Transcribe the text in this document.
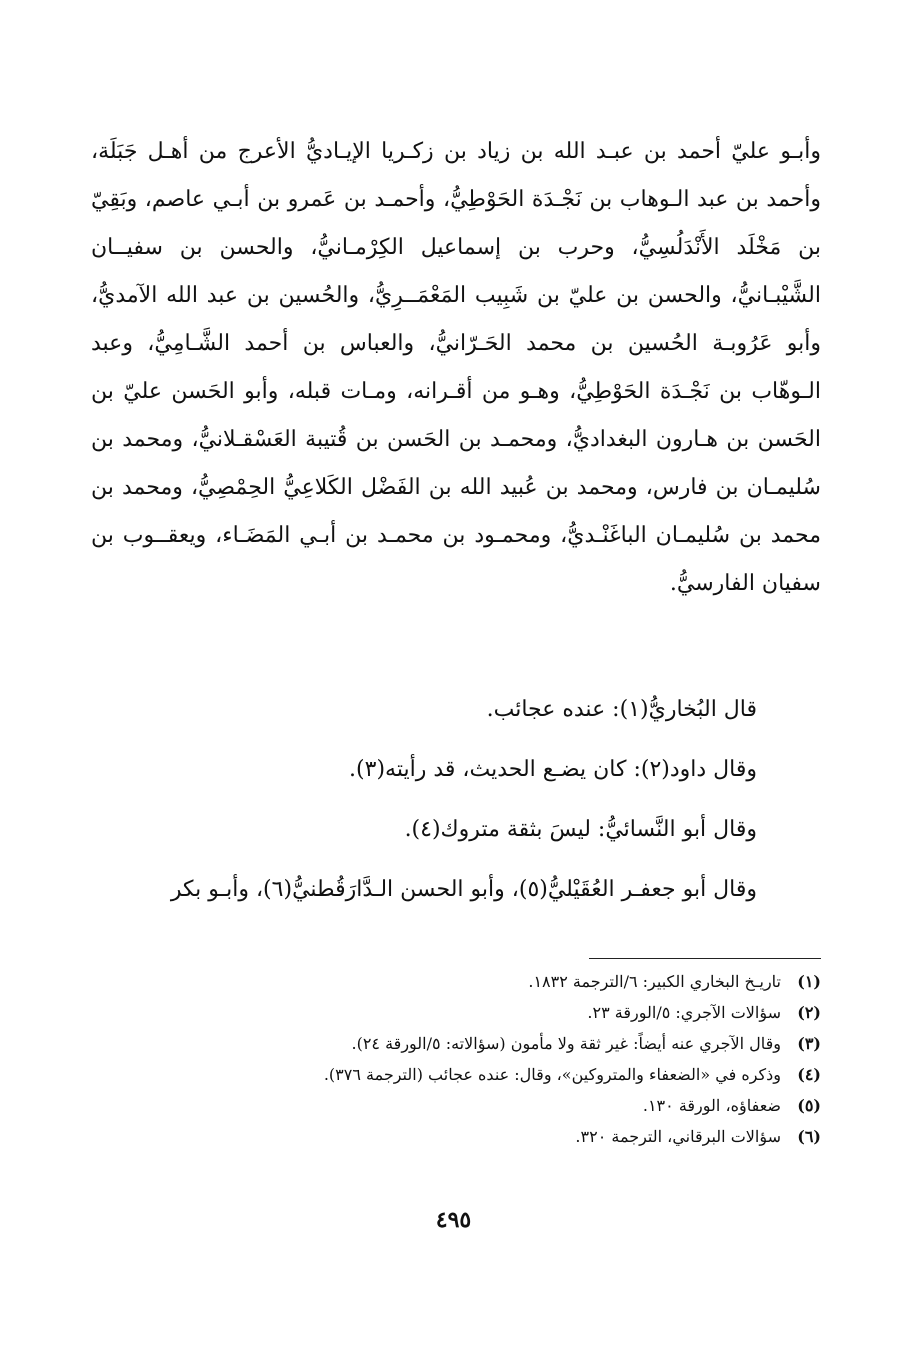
وأبـو عليّ أحمد بن عبـد الله بن زياد بن زكـريا الإيـاديُّ الأعرج من أهـل جَبَلَة، وأحمد بن عبد الـوهاب بن نَجْـدَة الحَوْطِيُّ، وأحمـد بن عَمرو بن أبـي عاصم، وبَقِيّ بن مَخْلَد الأَنْدَلُسِيُّ، وحرب بن إسماعيل الكِرْمـانيُّ، والحسن بن سفيــان الشَّيْبـانيُّ، والحسن بن عليّ بن شَبِيب المَعْمَــرِيُّ، والحُسين بن عبد الله الآمديُّ، وأبو عَرُوبـة الحُسين بن محمد الحَـرّانيُّ، والعباس بن أحمد الشَّـامِيُّ، وعبد الـوهّاب بن نَجْـدَة الحَوْطِيُّ، وهـو من أقـرانه، ومـات قبله، وأبو الحَسن عليّ بن الحَسن بن هـارون البغداديُّ، ومحمـد بن الحَسن بن قُتيبة العَسْقـلانيُّ، ومحمد بن سُليمـان بن فارس، ومحمد بن عُبيد الله بن الفَضْل الكَلاعِيُّ الحِمْصِيُّ، ومحمد بن محمد بن سُليمـان الباغَنْـديُّ، ومحمـود بن محمـد بن أبـي المَضَـاء، ويعقــوب بن سفيان الفارسيُّ.

قال البُخاريُّ(١): عنده عجائب.

وقال داود(٢): كان يضـع الحديث، قد رأيته(٣).

وقال أبو النَّسائيُّ: ليسَ بثقة متروك(٤).

وقال أبو جعفـر العُقَيْليُّ(٥)، وأبو الحسن الـدَّارَقُطنيُّ(٦)، وأبـو بكر

(١)
تاريـخ البخاري الكبير: ٦/الترجمة ١٨٣٢.
(٢)
سؤالات الآجري: ٥/الورقة ٢٣.
(٣)
وقال الآجري عنه أيضاً: غير ثقة ولا مأمون (سؤالاته: ٥/الورقة ٢٤).
(٤)
وذكره في «الضعفاء والمتروكين»، وقال: عنده عجائب (الترجمة ٣٧٦).
(٥)
ضعفاؤه، الورقة ١٣٠.
(٦)
سؤالات البرقاني، الترجمة ٣٢٠.
٤٩٥
